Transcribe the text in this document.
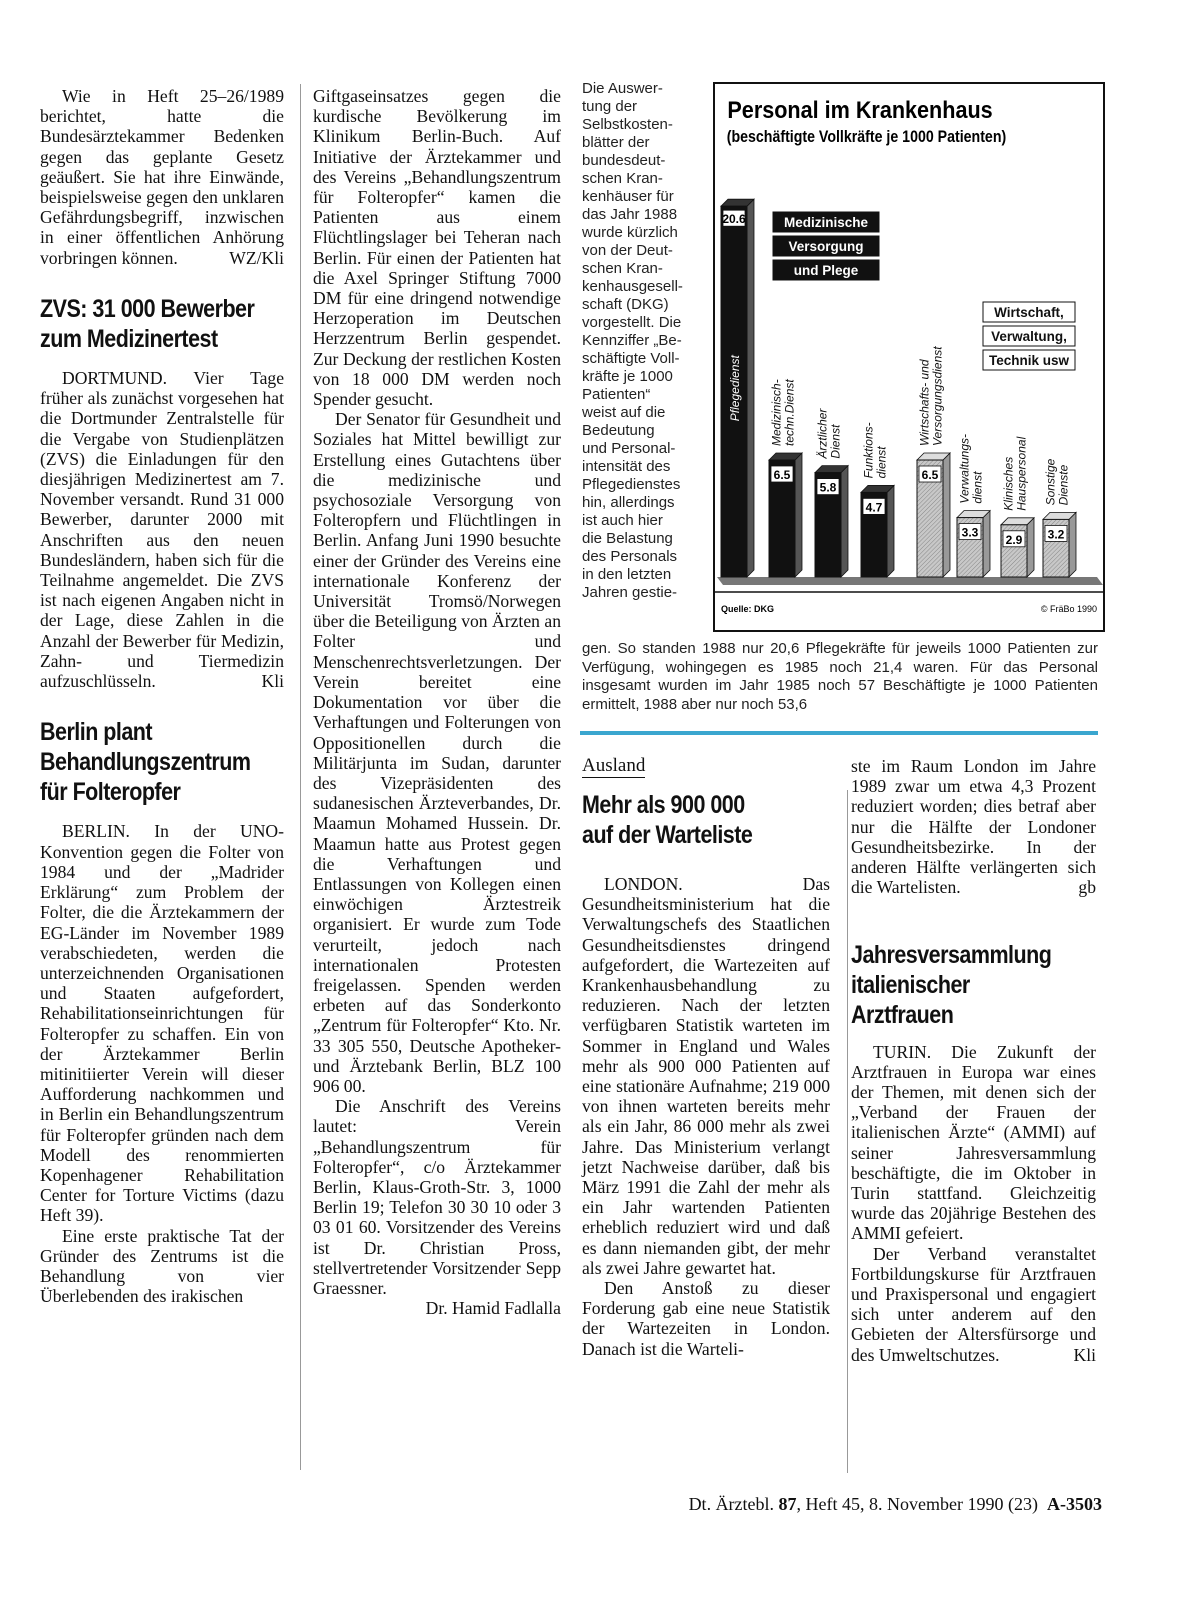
Wie in Heft 25–26/1989 berichtet, hatte die Bundesärztekammer Bedenken gegen das geplante Gesetz geäußert. Sie hat ihre Einwände, beispielsweise gegen den unklaren Gefährdungsbegriff, inzwischen in einer öffentlichen Anhörung vorbringen können.	WZ/Kli

ZVS: 31 000 Bewerber
zum Medizinertest

DORTMUND. Vier Tage früher als zunächst vorgesehen hat die Dortmunder Zentralstelle für die Vergabe von Studienplätzen (ZVS) die Einladungen für den diesjährigen Medizinertest am 7. November versandt. Rund 31 000 Bewerber, darunter 2000 mit Anschriften aus den neuen Bundesländern, haben sich für die Teilnahme angemeldet. Die ZVS ist nach eigenen Angaben nicht in der Lage, diese Zahlen in die Anzahl der Bewerber für Medizin, Zahn- und Tiermedizin aufzuschlüsseln.	Kli

Berlin plant
Behandlungszentrum
für Folteropfer

BERLIN. In der UNO-Konvention gegen die Folter von 1984 und der „Madrider Erklärung“ zum Problem der Folter, die die Ärztekammern der EG-Länder im November 1989 verabschiedeten, werden die unterzeichnenden Organisationen und Staaten aufgefordert, Rehabilitationseinrichtungen für Folteropfer zu schaffen. Ein von der Ärztekammer Berlin mitinitiierter Verein will dieser Aufforderung nachkommen und in Berlin ein Behandlungszentrum für Folteropfer gründen nach dem Modell des renommierten Kopenhagener Rehabilitation Center for Torture Victims (dazu Heft 39).

Eine erste praktische Tat der Gründer des Zentrums ist die Behandlung von vier Überlebenden des irakischen

Giftgaseinsatzes gegen die kurdische Bevölkerung im Klinikum Berlin-Buch. Auf Initiative der Ärztekammer und des Vereins „Behandlungszentrum für Folteropfer“ kamen die Patienten aus einem Flüchtlingslager bei Teheran nach Berlin. Für einen der Patienten hat die Axel Springer Stiftung 7000 DM für eine dringend notwendige Herzoperation im Deutschen Herzzentrum Berlin gespendet. Zur Deckung der restlichen Kosten von 18 000 DM werden noch Spender gesucht.

Der Senator für Gesundheit und Soziales hat Mittel bewilligt zur Erstellung eines Gutachtens über die medizinische und psychosoziale Versorgung von Folteropfern und Flüchtlingen in Berlin. Anfang Juni 1990 besuchte einer der Gründer des Vereins eine internationale Konferenz der Universität Tromsö/Norwegen über die Beteiligung von Ärzten an Folter und Menschenrechtsverletzungen. Der Verein bereitet eine Dokumentation vor über die Verhaftungen und Folterungen von Oppositionellen durch die Militärjunta im Sudan, darunter des Vizepräsidenten des sudanesischen Ärzteverbandes, Dr. Maamun Mohamed Hussein. Dr. Maamun hatte aus Protest gegen die Verhaftungen und Entlassungen von Kollegen einen einwöchigen Ärztestreik organisiert. Er wurde zum Tode verurteilt, jedoch nach internationalen Protesten freigelassen. Spenden werden erbeten auf das Sonderkonto „Zentrum für Folteropfer“ Kto. Nr. 33 305 550, Deutsche Apotheker- und Ärztebank Berlin, BLZ 100 906 00.

Die Anschrift des Vereins lautet: Verein „Behandlungszentrum für Folteropfer“, c/o Ärztekammer Berlin, Klaus-Groth-Str. 3, 1000 Berlin 19; Telefon 30 30 10 oder 3 03 01 60. Vorsitzender des Vereins ist Dr. Christian Pross, stellvertretender Vorsitzender Sepp Graessner.

Dr. Hamid Fadlalla

Die Auswer-
tung der
Selbstkosten-
blätter der
bundesdeut-
schen Kran-
kenhäuser für
das Jahr 1988
wurde kürzlich
von der Deut-
schen Kran-
kenhausgesell-
schaft (DKG)
vorgestellt. Die
Kennziffer „Be-
schäftigte Voll-
kräfte je 1000
Patienten“
weist auf die
Bedeutung
und Personal-
intensität des
Pflegedienstes
hin, allerdings
ist auch hier
die Belastung
des Personals
in den letzten
Jahren gestie-
gen. So standen 1988 nur 20,6 Pflegekräfte für jeweils 1000 Patienten zur Verfügung, wohingegen es 1985 noch 21,4 waren. Für das Personal insgesamt wurden im Jahr 1985 noch 57 Beschäftigte je 1000 Patienten ermittelt, 1988 aber nur noch 53,6
Personal im Krankenhaus
(beschäftigte Vollkräfte je 1000 Patienten)
20.6
Pflegedienst
6.5
Medizinisch- techn.Dienst
5.8
Ärztlicher Dienst
4.7
Funktions- dienst	6.5
Wirtschafts- und Versorgungsdienst
3.3
Verwaltungs- dienst
2.9
Klinisches Hauspersonal
3.2
Sonstige Dienste
Medizinische
Versorgung
und Plege
Wirtschaft,
Verwaltung,
Technik usw
Quelle: DKG	© FräBo 1990
Ausland
Mehr als 900 000
auf der Warteliste

LONDON. Das Gesundheitsministerium hat die Verwaltungschefs des Staatlichen Gesundheitsdienstes dringend aufgefordert, die Wartezeiten auf Krankenhausbehandlung zu reduzieren. Nach der letzten verfügbaren Statistik warteten im Sommer in England und Wales mehr als 900 000 Patienten auf eine stationäre Aufnahme; 219 000 von ihnen warteten bereits mehr als ein Jahr, 86 000 mehr als zwei Jahre. Das Ministerium verlangt jetzt Nachweise darüber, daß bis März 1991 die Zahl der mehr als ein Jahr wartenden Patienten erheblich reduziert wird und daß es dann niemanden gibt, der mehr als zwei Jahre gewartet hat.

Den Anstoß zu dieser Forderung gab eine neue Statistik der Wartezeiten in London. Danach ist die Warteli-

ste im Raum London im Jahre 1989 zwar um etwa 4,3 Prozent reduziert worden; dies betraf aber nur die Hälfte der Londoner Gesundheitsbezirke. In der anderen Hälfte verlängerten sich die Wartelisten.	gb

Jahresversammlung
italienischer
Arztfrauen

TURIN. Die Zukunft der Arztfrauen in Europa war eines der Themen, mit denen sich der „Verband der Frauen der italienischen Ärzte“ (AMMI) auf seiner Jahresversammlung beschäftigte, die im Oktober in Turin stattfand. Gleichzeitig wurde das 20jährige Bestehen des AMMI gefeiert.

Der Verband veranstaltet Fortbildungskurse für Arztfrauen und Praxispersonal und engagiert sich unter anderem auf den Gebieten der Altersfürsorge und des Umweltschutzes.	Kli

Dt. Ärztebl. 87, Heft 45, 8. November 1990 (23) A-3503
